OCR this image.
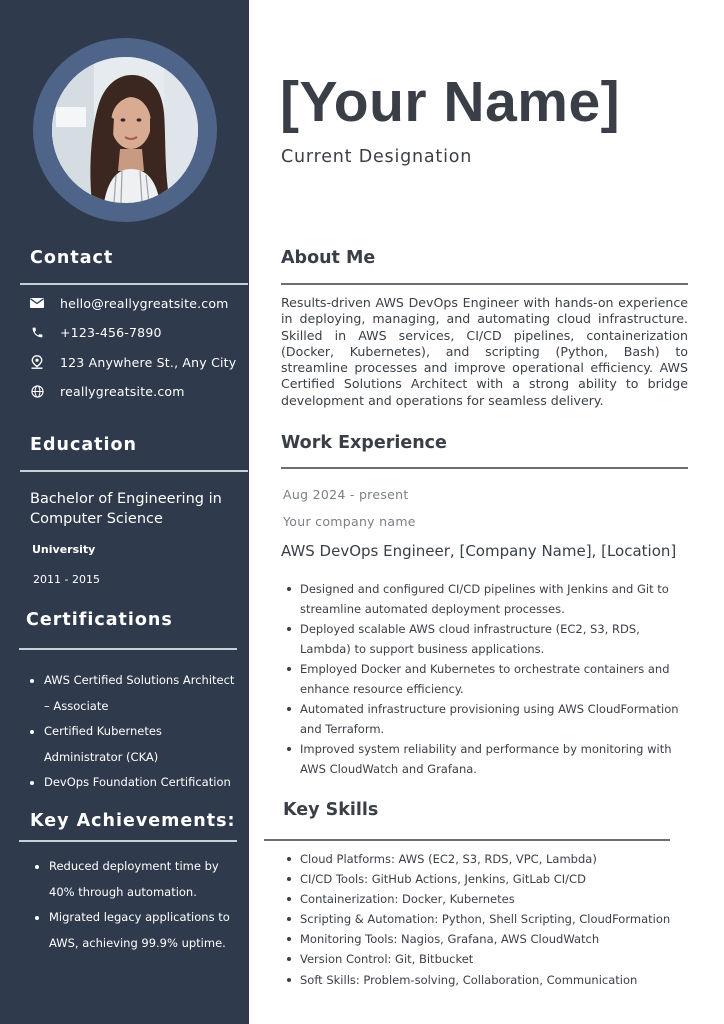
Contact
hello@reallygreatsite.com
+123-456-7890
123 Anywhere St., Any City
reallygreatsite.com
Education
Bachelor of Engineering in Computer Science
University
2011 - 2015
Certifications
AWS Certified Solutions Architect – Associate
Certified Kubernetes Administrator (CKA)
DevOps Foundation Certification
Key Achievements:
Reduced deployment time by 40% through automation.
Migrated legacy applications to AWS, achieving 99.9% uptime.
[Your Name]
Current Designation
About Me
Results-driven AWS DevOps Engineer with hands-on experience in deploying, managing, and automating cloud infrastructure. Skilled in AWS services, CI/CD pipelines, containerization (Docker, Kubernetes), and scripting (Python, Bash) to streamline processes and improve operational efficiency. AWS Certified Solutions Architect with a strong ability to bridge development and operations for seamless delivery.
Work Experience
Aug 2024 - present
Your company name
AWS DevOps Engineer, [Company Name], [Location]
Designed and configured CI/CD pipelines with Jenkins and Git to streamline automated deployment processes.
Deployed scalable AWS cloud infrastructure (EC2, S3, RDS, Lambda) to support business applications.
Employed Docker and Kubernetes to orchestrate containers and enhance resource efficiency.
Automated infrastructure provisioning using AWS CloudFormation and Terraform.
Improved system reliability and performance by monitoring with AWS CloudWatch and Grafana.
Key Skills
Cloud Platforms: AWS (EC2, S3, RDS, VPC, Lambda)
CI/CD Tools: GitHub Actions, Jenkins, GitLab CI/CD
Containerization: Docker, Kubernetes
Scripting & Automation: Python, Shell Scripting, CloudFormation
Monitoring Tools: Nagios, Grafana, AWS CloudWatch
Version Control: Git, Bitbucket
Soft Skills: Problem-solving, Collaboration, Communication
